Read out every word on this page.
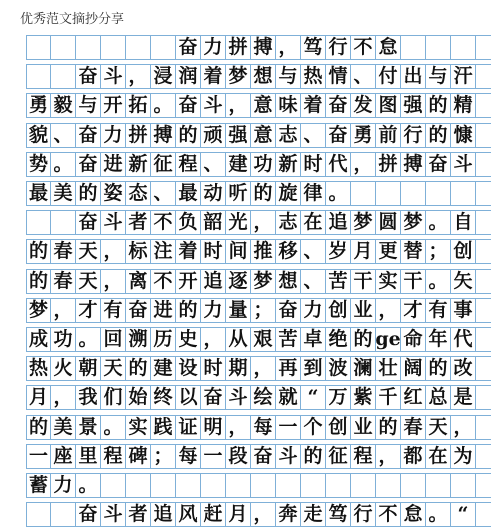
优秀范文摘抄分享
奋 力 拼 搏 ， 笃 行 不 怠
奋 斗 ， 浸 润 着 梦 想 与 热 情 、 付 出 与 汗
勇 毅 与 开 拓 。 奋 斗 ， 意 味 着 奋 发 图 强 的 精
貌 、 奋 力 拼 搏 的 顽 强 意 志 、 奋 勇 前 行 的 慷
势 。 奋 进 新 征 程 、 建 功 新 时 代 ， 拼 搏 奋 斗
最 美 的 姿 态 、 最 动 听 的 旋 律 。
奋 斗 者 不 负 韶 光 ， 志 在 追 梦 圆 梦 。 自
的 春 天 ， 标 注 着 时 间 推 移 、 岁 月 更 替 ； 创
的 春 天 ， 离 不 开 追 逐 梦 想 、 苦 干 实 干 。 矢
梦 ， 才 有 奋 进 的 力 量 ； 奋 力 创 业 ， 才 有 事
成 功 。 回 溯 历 史 ， 从 艰 苦 卓 绝 的 ge 命 年 代
热 火 朝 天 的 建 设 时 期 ， 再 到 波 澜 壮 阔 的 改
月 ， 我 们 始 终 以 奋 斗 绘 就 “ 万 紫 千 红 总 是
的 美 景 。 实 践 证 明 ， 每 一 个 创 业 的 春 天 ，
一 座 里 程 碑 ； 每 一 段 奋 斗 的 征 程 ， 都 在 为
蓄 力 。
奋 斗 者 追 风 赶 月 ， 奔 走 笃 行 不 怠 。 “
